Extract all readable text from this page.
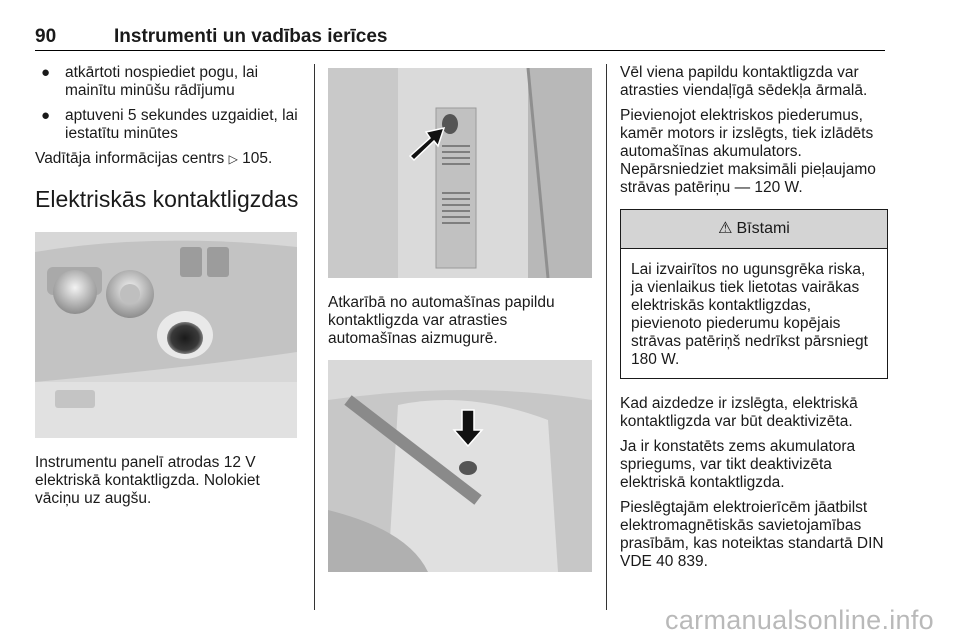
90	Instrumenti un vadības ierīces
● atkārtoti nospiediet pogu, lai mainītu minūšu rādījumu
● aptuveni 5 sekundes uzgaidiet, lai iestatītu minūtes

Vadītāja informācijas centrs ▷ 105.

Elektriskās kontaktligzdas

Instrumentu panelī atrodas 12 V elektriskā kontaktligzda. Nolokiet vāciņu uz augšu.

Atkarībā no automašīnas papildu kontaktligzda var atrasties automašīnas aizmugurē.

Vēl viena papildu kontaktligzda var atrasties viendaļīgā sēdekļa ārmalā.

Pievienojot elektriskos piederumus, kamēr motors ir izslēgts, tiek izlādēts automašīnas akumulators.

Nepārsniedziet maksimāli pieļaujamo strāvas patēriņu — 120 W.

⚠ Bīstami
Lai izvairītos no ugunsgrēka riska, ja vienlaikus tiek lietotas vairākas elektriskās kontaktligzdas, pievienoto piederumu kopējais strāvas patēriņš nedrīkst pārsniegt 180 W.

Kad aizdedze ir izslēgta, elektriskā kontaktligzda var būt deaktivizēta.

Ja ir konstatēts zems akumulatora spriegums, var tikt deaktivizēta elektriskā kontaktligzda.

Pieslēgtajām elektroierīcēm jāatbilst elektromagnētiskās savietojamības prasībām, kas noteiktas standartā DIN VDE 40 839.

carmanualsonline.info
